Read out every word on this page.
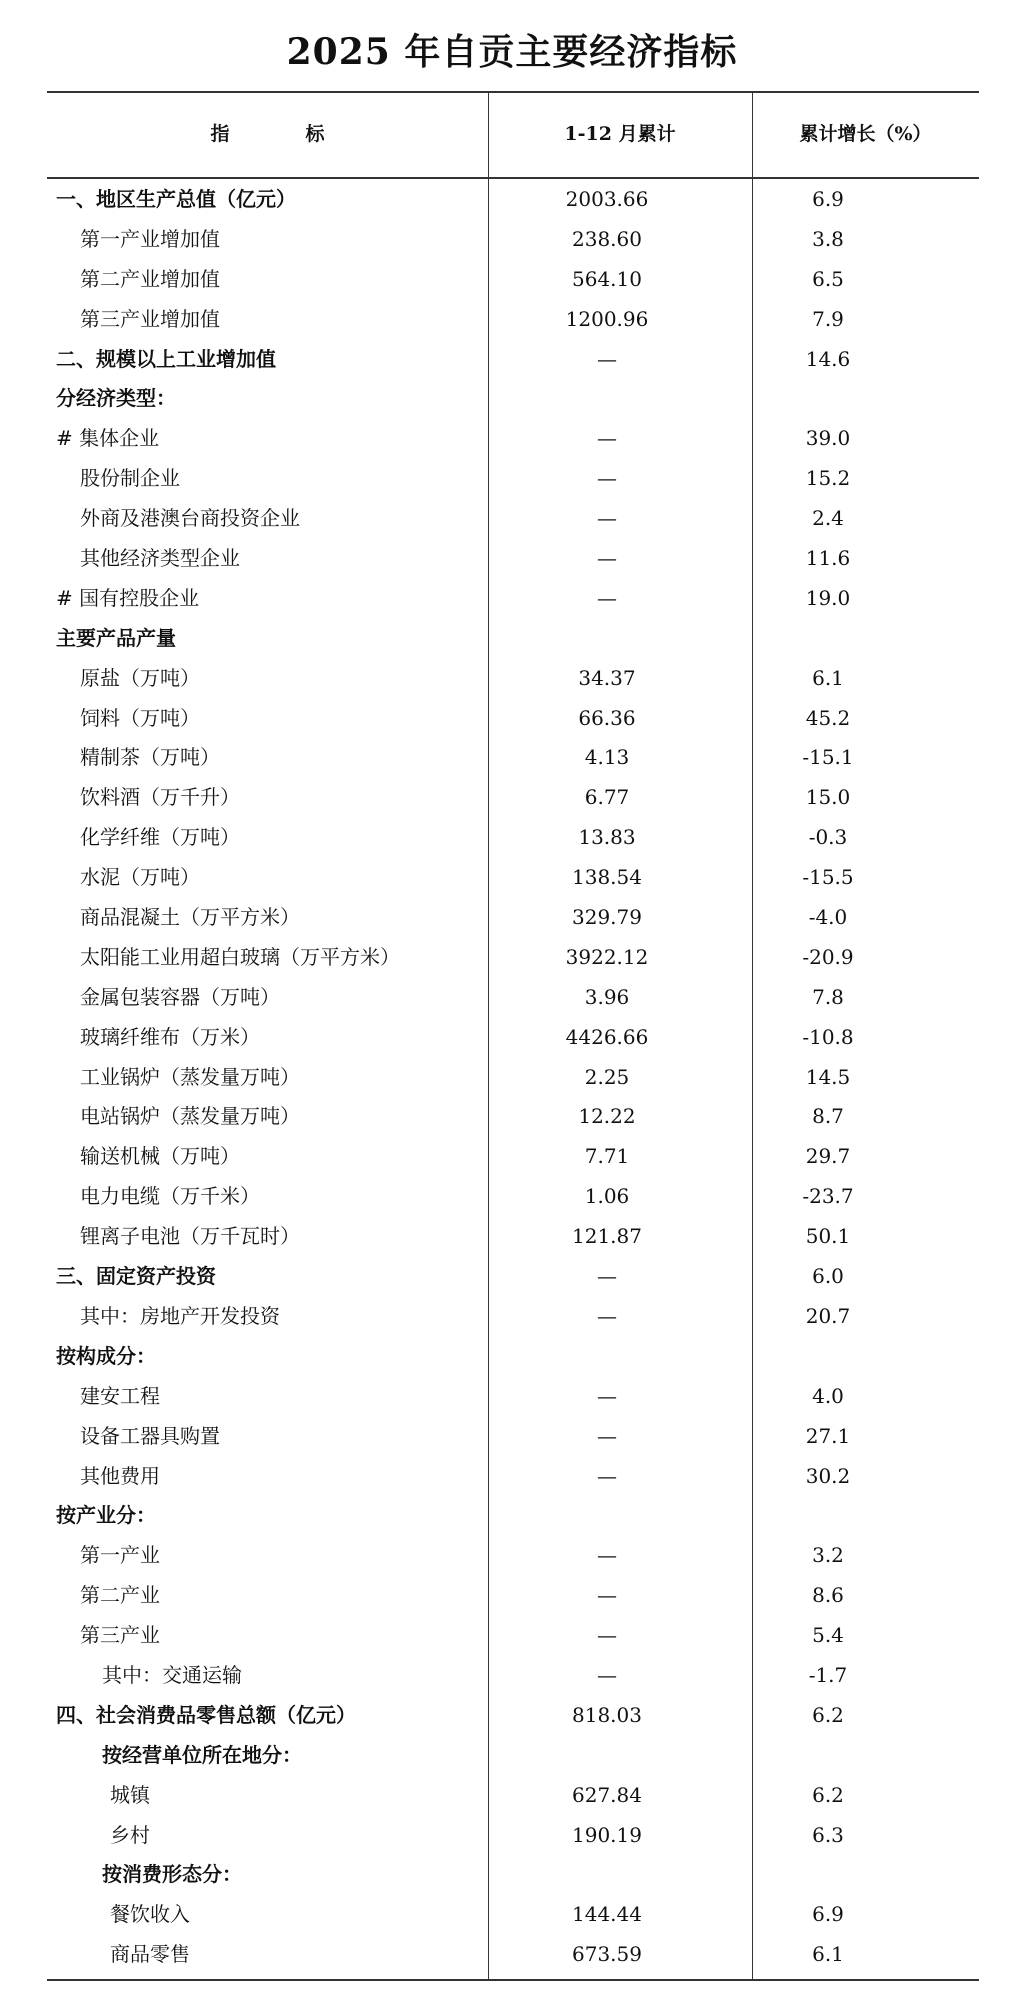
2025 年自贡主要经济指标
指　　　　标	1-12 月累计	累计增长（%）
一、地区生产总值（亿元）	2003.66	6.9
第一产业增加值	238.60	3.8
第二产业增加值	564.10	6.5
第三产业增加值	1200.96	7.9
二、规模以上工业增加值	—	14.6
分经济类型：
# 集体企业	—	39.0
股份制企业	—	15.2
外商及港澳台商投资企业	—	2.4
其他经济类型企业	—	11.6
# 国有控股企业	—	19.0
主要产品产量
原盐（万吨）	34.37	6.1
饲料（万吨）	66.36	45.2
精制茶（万吨）	4.13	-15.1
饮料酒（万千升）	6.77	15.0
化学纤维（万吨）	13.83	-0.3
水泥（万吨）	138.54	-15.5
商品混凝土（万平方米）	329.79	-4.0
太阳能工业用超白玻璃（万平方米）	3922.12	-20.9
金属包装容器（万吨）	3.96	7.8
玻璃纤维布（万米）	4426.66	-10.8
工业锅炉（蒸发量万吨）	2.25	14.5
电站锅炉（蒸发量万吨）	12.22	8.7
输送机械（万吨）	7.71	29.7
电力电缆（万千米）	1.06	-23.7
锂离子电池（万千瓦时）	121.87	50.1
三、固定资产投资	—	6.0
其中：房地产开发投资	—	20.7
按构成分：
建安工程	—	4.0
设备工器具购置	—	27.1
其他费用	—	30.2
按产业分：
第一产业	—	3.2
第二产业	—	8.6
第三产业	—	5.4
其中：交通运输	—	-1.7
四、社会消费品零售总额（亿元）	818.03	6.2
按经营单位所在地分：
城镇	627.84	6.2
乡村	190.19	6.3
按消费形态分：
餐饮收入	144.44	6.9
商品零售	673.59	6.1
